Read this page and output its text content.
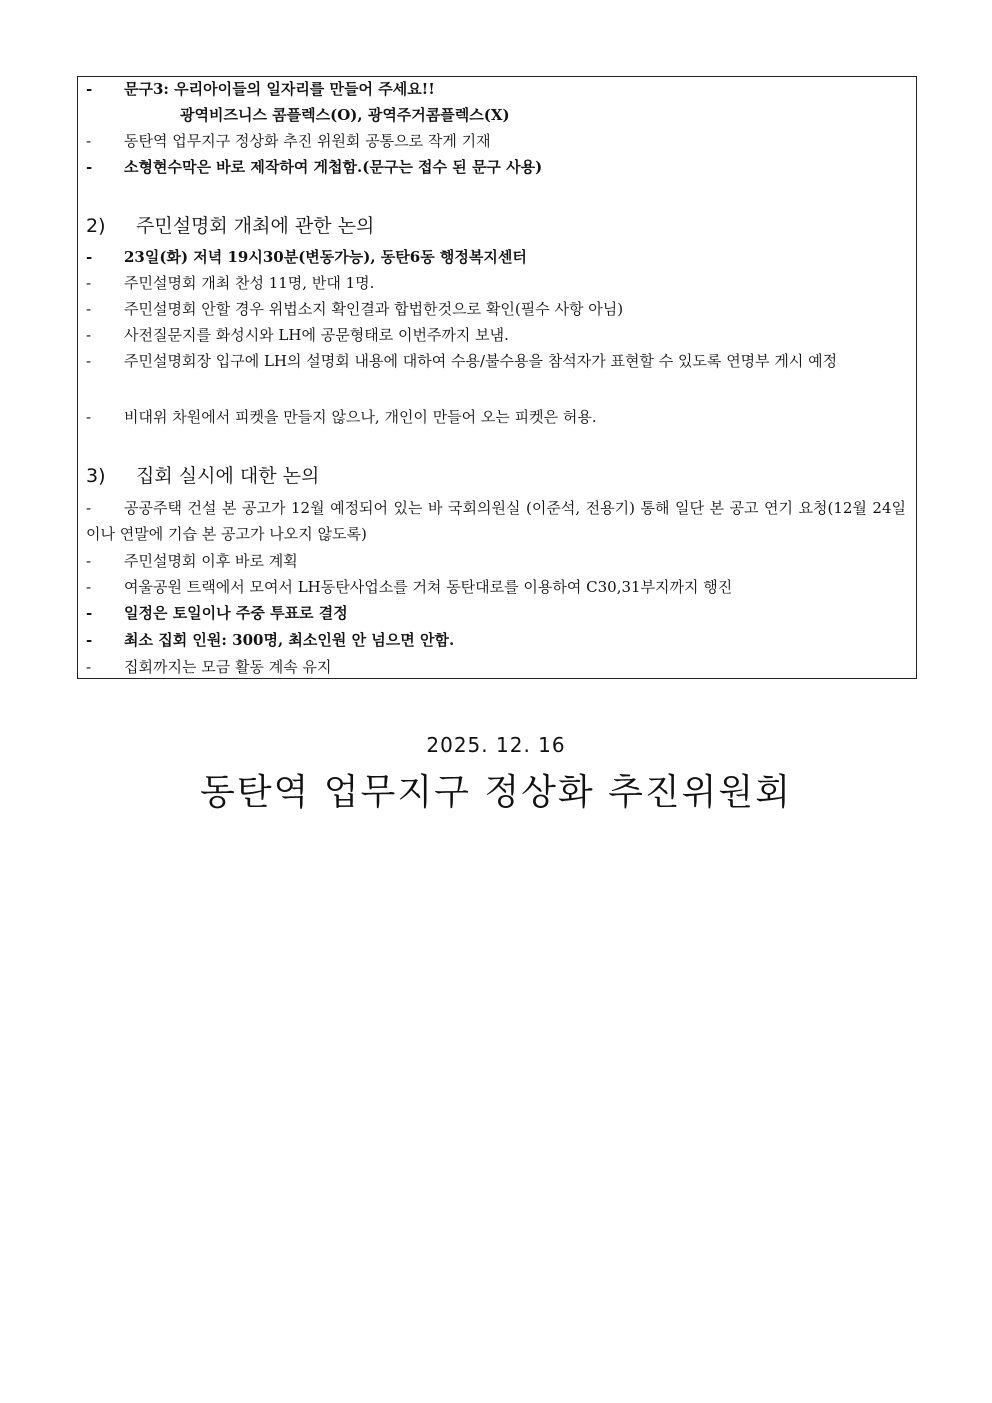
- 문구3: 우리아이들의 일자리를 만들어 주세요!!
광역비즈니스 콤플렉스(O), 광역주거콤플렉스(X)
- 동탄역 업무지구 정상화 추진 위원회 공통으로 작게 기재
- 소형현수막은 바로 제작하여 게첩함.(문구는 접수 된 문구 사용)
2) 주민설명회 개최에 관한 논의
- 23일(화) 저녁 19시30분(변동가능), 동탄6동 행정복지센터
- 주민설명회 개최 찬성 11명, 반대 1명.
- 주민설명회 안할 경우 위법소지 확인결과 합법한것으로 확인(필수 사항 아님)
- 사전질문지를 화성시와 LH에 공문형태로 이번주까지 보냄.
- 주민설명회장 입구에 LH의 설명회 내용에 대하여 수용/불수용을 참석자가 표현할 수 있도록 연명부 게시 예정
- 비대위 차원에서 피켓을 만들지 않으나, 개인이 만들어 오는 피켓은 허용.
3) 집회 실시에 대한 논의
- 공공주택 건설 본 공고가 12월 예정되어 있는 바 국회의원실 (이준석, 전용기) 통해 일단 본 공고 연기 요청(12월 24일이나 연말에 기습 본 공고가 나오지 않도록)
- 주민설명회 이후 바로 계획
- 여울공원 트랙에서 모여서 LH동탄사업소를 거쳐 동탄대로를 이용하여 C30,31부지까지 행진
- 일정은 토일이나 주중 투표로 결정
- 최소 집회 인원: 300명, 최소인원 안 넘으면 안함.
- 집회까지는 모금 활동 계속 유지
2025. 12. 16
동탄역 업무지구 정상화 추진위원회
